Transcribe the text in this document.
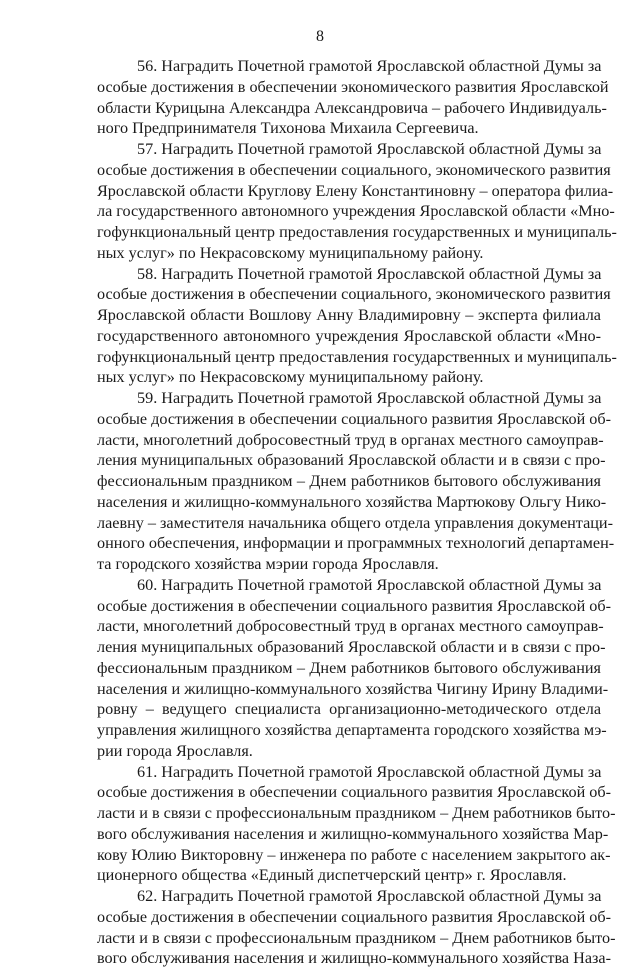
8
56. Наградить Почетной грамотой Ярославской областной Думы за
особые достижения в обеспечении экономического развития Ярославской
области Курицына Александра Александровича – рабочего Индивидуаль-
ного Предпринимателя Тихонова Михаила Сергеевича.
57. Наградить Почетной грамотой Ярославской областной Думы за
особые достижения в обеспечении социального, экономического развития
Ярославской области Круглову Елену Константиновну – оператора филиа-
ла государственного автономного учреждения Ярославской области «Мно-
гофункциональный центр предоставления государственных и муниципаль-
ных услуг» по Некрасовскому муниципальному району.
58. Наградить Почетной грамотой Ярославской областной Думы за
особые достижения в обеспечении социального, экономического развития
Ярославской области Вошлову Анну Владимировну – эксперта филиала
государственного автономного учреждения Ярославской области «Мно-
гофункциональный центр предоставления государственных и муниципаль-
ных услуг» по Некрасовскому муниципальному району.
59. Наградить Почетной грамотой Ярославской областной Думы за
особые достижения в обеспечении социального развития Ярославской об-
ласти, многолетний добросовестный труд в органах местного самоуправ-
ления муниципальных образований Ярославской области и в связи с про-
фессиональным праздником – Днем работников бытового обслуживания
населения и жилищно-коммунального хозяйства Мартюкову Ольгу Нико-
лаевну – заместителя начальника общего отдела управления документаци-
онного обеспечения, информации и программных технологий департамен-
та городского хозяйства мэрии города Ярославля.
60. Наградить Почетной грамотой Ярославской областной Думы за
особые достижения в обеспечении социального развития Ярославской об-
ласти, многолетний добросовестный труд в органах местного самоуправ-
ления муниципальных образований Ярославской области и в связи с про-
фессиональным праздником – Днем работников бытового обслуживания
населения и жилищно-коммунального хозяйства Чигину Ирину Владими-
ровну – ведущего специалиста организационно-методического отдела
управления жилищного хозяйства департамента городского хозяйства мэ-
рии города Ярославля.
61. Наградить Почетной грамотой Ярославской областной Думы за
особые достижения в обеспечении социального развития Ярославской об-
ласти и в связи с профессиональным праздником – Днем работников быто-
вого обслуживания населения и жилищно-коммунального хозяйства Мар-
кову Юлию Викторовну – инженера по работе с населением закрытого ак-
ционерного общества «Единый диспетчерский центр» г. Ярославля.
62. Наградить Почетной грамотой Ярославской областной Думы за
особые достижения в обеспечении социального развития Ярославской об-
ласти и в связи с профессиональным праздником – Днем работников быто-
вого обслуживания населения и жилищно-коммунального хозяйства Наза-
